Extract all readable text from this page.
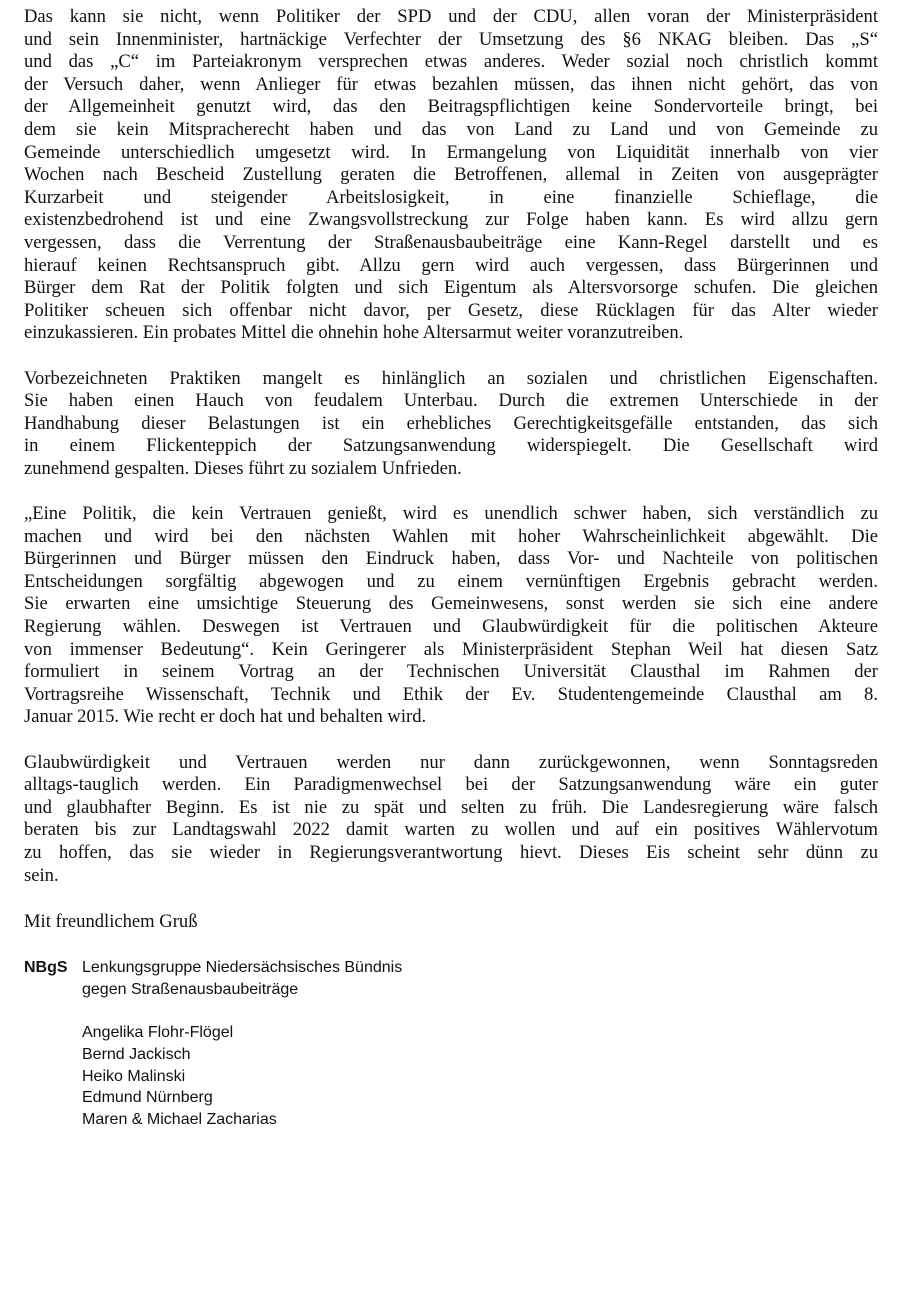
Das kann sie nicht, wenn Politiker der SPD und der CDU, allen voran der Ministerpräsident
und sein Innenminister, hartnäckige Verfechter der Umsetzung des §6 NKAG bleiben. Das „S“
und das „C“ im Parteiakronym versprechen etwas anderes. Weder sozial noch christlich kommt
der Versuch daher, wenn Anlieger für etwas bezahlen müssen, das ihnen nicht gehört, das von
der Allgemeinheit genutzt wird, das den Beitragspflichtigen keine Sondervorteile bringt, bei
dem sie kein Mitspracherecht haben und das von Land zu Land und von Gemeinde zu
Gemeinde unterschiedlich umgesetzt wird. In Ermangelung von Liquidität innerhalb von vier
Wochen nach Bescheid Zustellung geraten die Betroffenen, allemal in Zeiten von ausgeprägter
Kurzarbeit und steigender Arbeitslosigkeit, in eine finanzielle Schieflage, die
existenzbedrohend ist und eine Zwangsvollstreckung zur Folge haben kann. Es wird allzu gern
vergessen, dass die Verrentung der Straßenausbaubeiträge eine Kann-Regel darstellt und es
hierauf keinen Rechtsanspruch gibt. Allzu gern wird auch vergessen, dass Bürgerinnen und
Bürger dem Rat der Politik folgten und sich Eigentum als Altersvorsorge schufen. Die gleichen
Politiker scheuen sich offenbar nicht davor, per Gesetz, diese Rücklagen für das Alter wieder
einzukassieren. Ein probates Mittel die ohnehin hohe Altersarmut weiter voranzutreiben.

Vorbezeichneten Praktiken mangelt es hinlänglich an sozialen und christlichen Eigenschaften.
Sie haben einen Hauch von feudalem Unterbau. Durch die extremen Unterschiede in der
Handhabung dieser Belastungen ist ein erhebliches Gerechtigkeitsgefälle entstanden, das sich
in einem Flickenteppich der Satzungsanwendung widerspiegelt. Die Gesellschaft wird
zunehmend gespalten. Dieses führt zu sozialem Unfrieden.

„Eine Politik, die kein Vertrauen genießt, wird es unendlich schwer haben, sich verständlich zu
machen und wird bei den nächsten Wahlen mit hoher Wahrscheinlichkeit abgewählt. Die
Bürgerinnen und Bürger müssen den Eindruck haben, dass Vor- und Nachteile von politischen
Entscheidungen sorgfältig abgewogen und zu einem vernünftigen Ergebnis gebracht werden.
Sie erwarten eine umsichtige Steuerung des Gemeinwesens, sonst werden sie sich eine andere
Regierung wählen. Deswegen ist Vertrauen und Glaubwürdigkeit für die politischen Akteure
von immenser Bedeutung“. Kein Geringerer als Ministerpräsident Stephan Weil hat diesen Satz
formuliert in seinem Vortrag an der Technischen Universität Clausthal im Rahmen der
Vortragsreihe Wissenschaft, Technik und Ethik der Ev. Studentengemeinde Clausthal am 8.
Januar 2015. Wie recht er doch hat und behalten wird.

Glaubwürdigkeit und Vertrauen werden nur dann zurückgewonnen, wenn Sonntagsreden
alltags-tauglich werden. Ein Paradigmenwechsel bei der Satzungsanwendung wäre ein guter
und glaubhafter Beginn. Es ist nie zu spät und selten zu früh. Die Landesregierung wäre falsch
beraten bis zur Landtagswahl 2022 damit warten zu wollen und auf ein positives Wählervotum
zu hoffen, das sie wieder in Regierungsverantwortung hievt. Dieses Eis scheint sehr dünn zu
sein.

Mit freundlichem Gruß
NBgS Lenkungsgruppe Niedersächsisches Bündnis
gegen Straßenausbaubeiträge
Angelika Flohr-Flögel
Bernd Jackisch
Heiko Malinski
Edmund Nürnberg
Maren & Michael Zacharias
